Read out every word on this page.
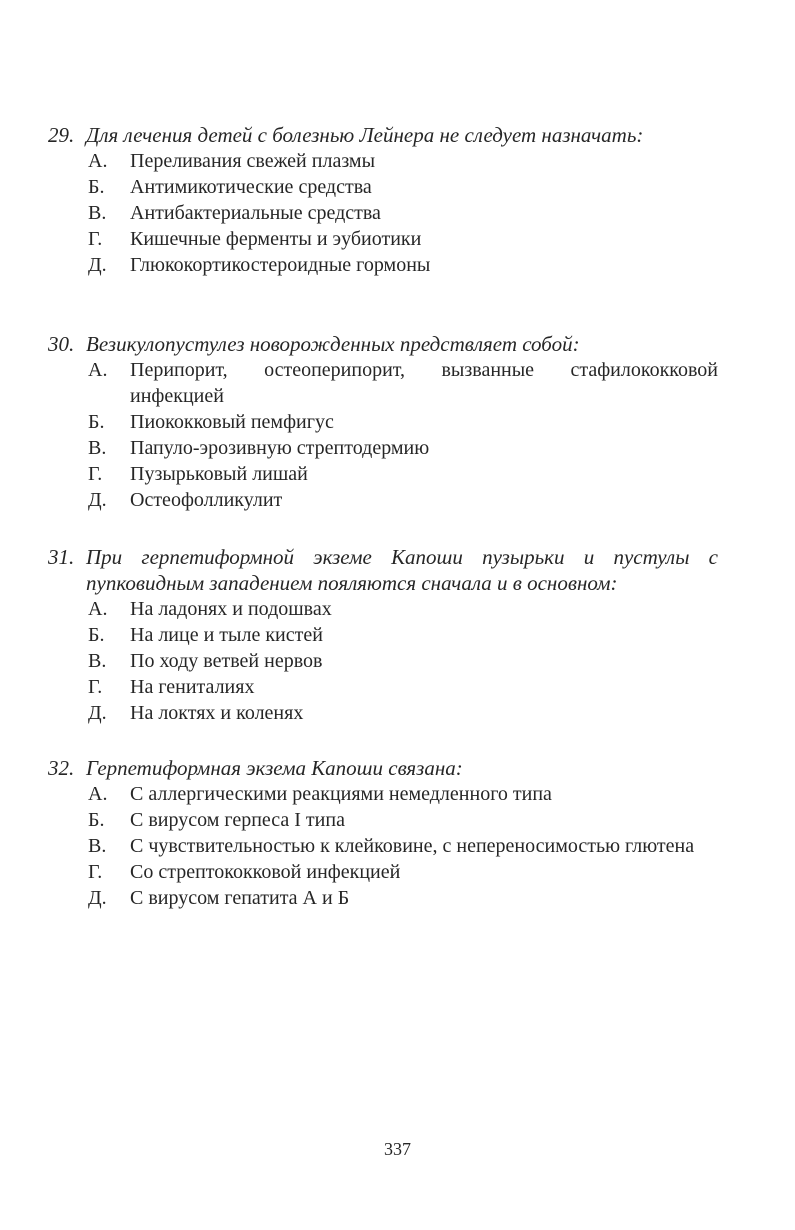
29. Для лечения детей с болезнью Лейнера не следует назначать:

А. Переливания свежей плазмы
Б. Антимикотические средства
В. Антибактериальные средства
Г. Кишечные ферменты и эубиотики
Д. Глюкокортикостероидные гормоны

30. Везикулопустулез новорожденных предствляет собой:

А. Перипорит, остеоперипорит, вызванные стафилококковой инфекцией
Б. Пиококковый пемфигус
В. Папуло-эрозивную стрептодермию
Г. Пузырьковый лишай
Д. Остеофолликулит

31. При герпетиформной экземе Капоши пузырьки и пустулы с пупковидным западением пояляются сначала и в основном:

А. На ладонях и подошвах
Б. На лице и тыле кистей
В. По ходу ветвей нервов
Г. На гениталиях
Д. На локтях и коленях

32. Герпетиформная экзема Капоши связана:

А. С аллергическими реакциями немедленного типа
Б. С вирусом герпеса I типа
В. С чувствительностью к клейковине, с непереносимостью глютена
Г. Со стрептококковой инфекцией
Д. С вирусом гепатита А и Б
337
